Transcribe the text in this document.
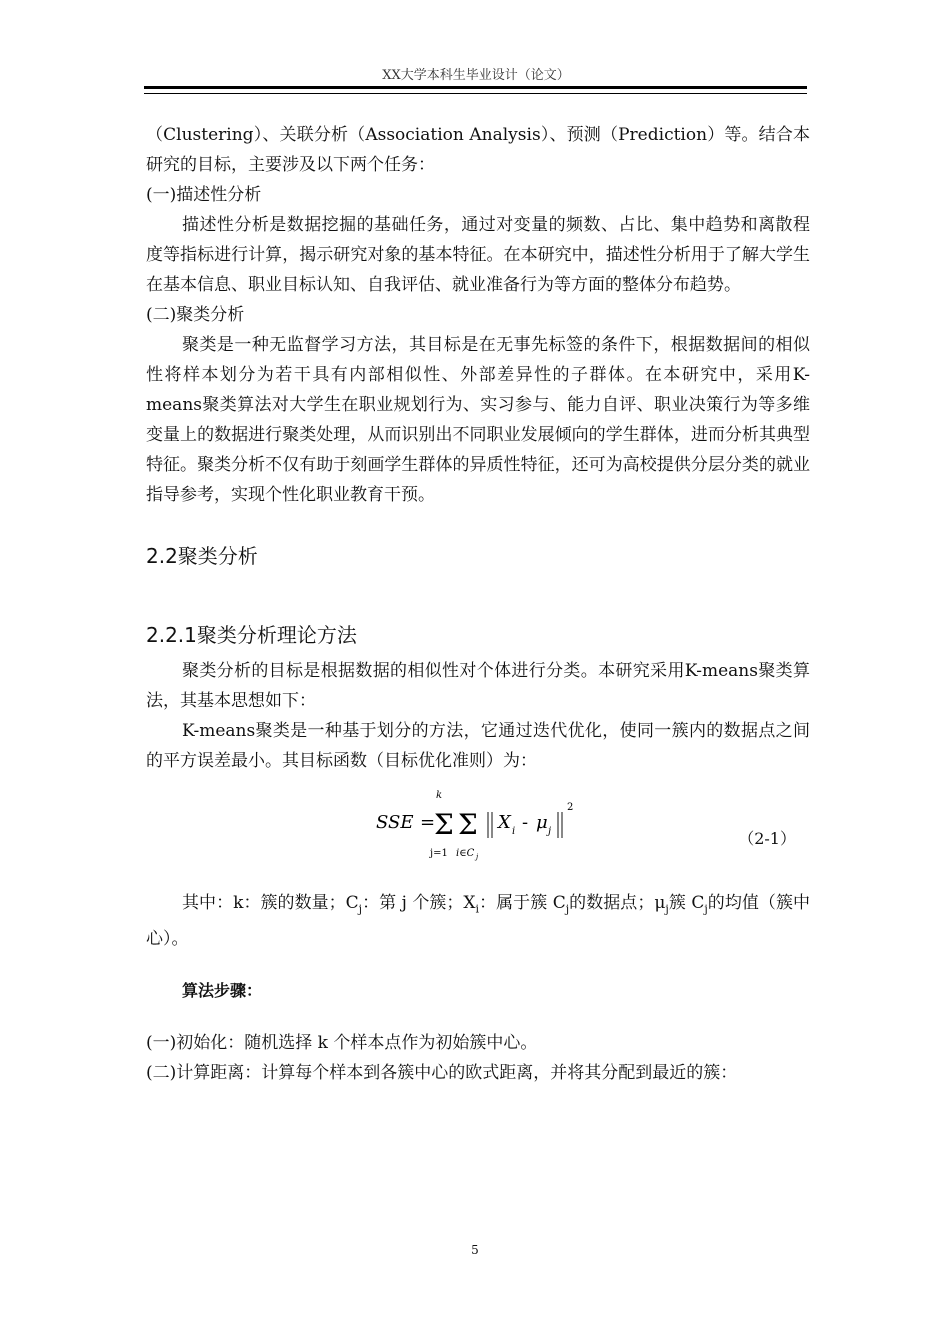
XX大学本科生毕业设计（论文）

（Clustering）、关联分析（Association Analysis）、预测（Prediction）等。结合本研究的目标，主要涉及以下两个任务：

(一)描述性分析

描述性分析是数据挖掘的基础任务，通过对变量的频数、占比、集中趋势和离散程度等指标进行计算，揭示研究对象的基本特征。在本研究中，描述性分析用于了解大学生在基本信息、职业目标认知、自我评估、就业准备行为等方面的整体分布趋势。

(二)聚类分析

聚类是一种无监督学习方法，其目标是在无事先标签的条件下，根据数据间的相似性将样本划分为若干具有内部相似性、外部差异性的子群体。在本研究中，采用K-means聚类算法对大学生在职业规划行为、实习参与、能力自评、职业决策行为等多维变量上的数据进行聚类处理，从而识别出不同职业发展倾向的学生群体，进而分析其典型特征。聚类分析不仅有助于刻画学生群体的异质性特征，还可为高校提供分层分类的就业指导参考，实现个性化职业教育干预。

2.2聚类分析
2.2.1聚类分析理论方法

聚类分析的目标是根据数据的相似性对个体进行分类。本研究采用K-means聚类算法，其基本思想如下：

K-means聚类是一种基于划分的方法，它通过迭代优化，使同一簇内的数据点之间的平方误差最小。其目标函数（目标优化准则）为：

SSE =
Σ
k
j=1
Σ
i∈C j
X i - μ j
2
（2-1）

其中：k：簇的数量；$C_j$：第 j 个簇；$X_i$：属于簇 $C_j$的数据点；$\mu_j$簇 $C_j$的均值（簇中心）。

算法步骤：

(一)初始化：随机选择 k 个样本点作为初始簇中心。

(二)计算距离：计算每个样本到各簇中心的欧式距离，并将其分配到最近的簇：

5
